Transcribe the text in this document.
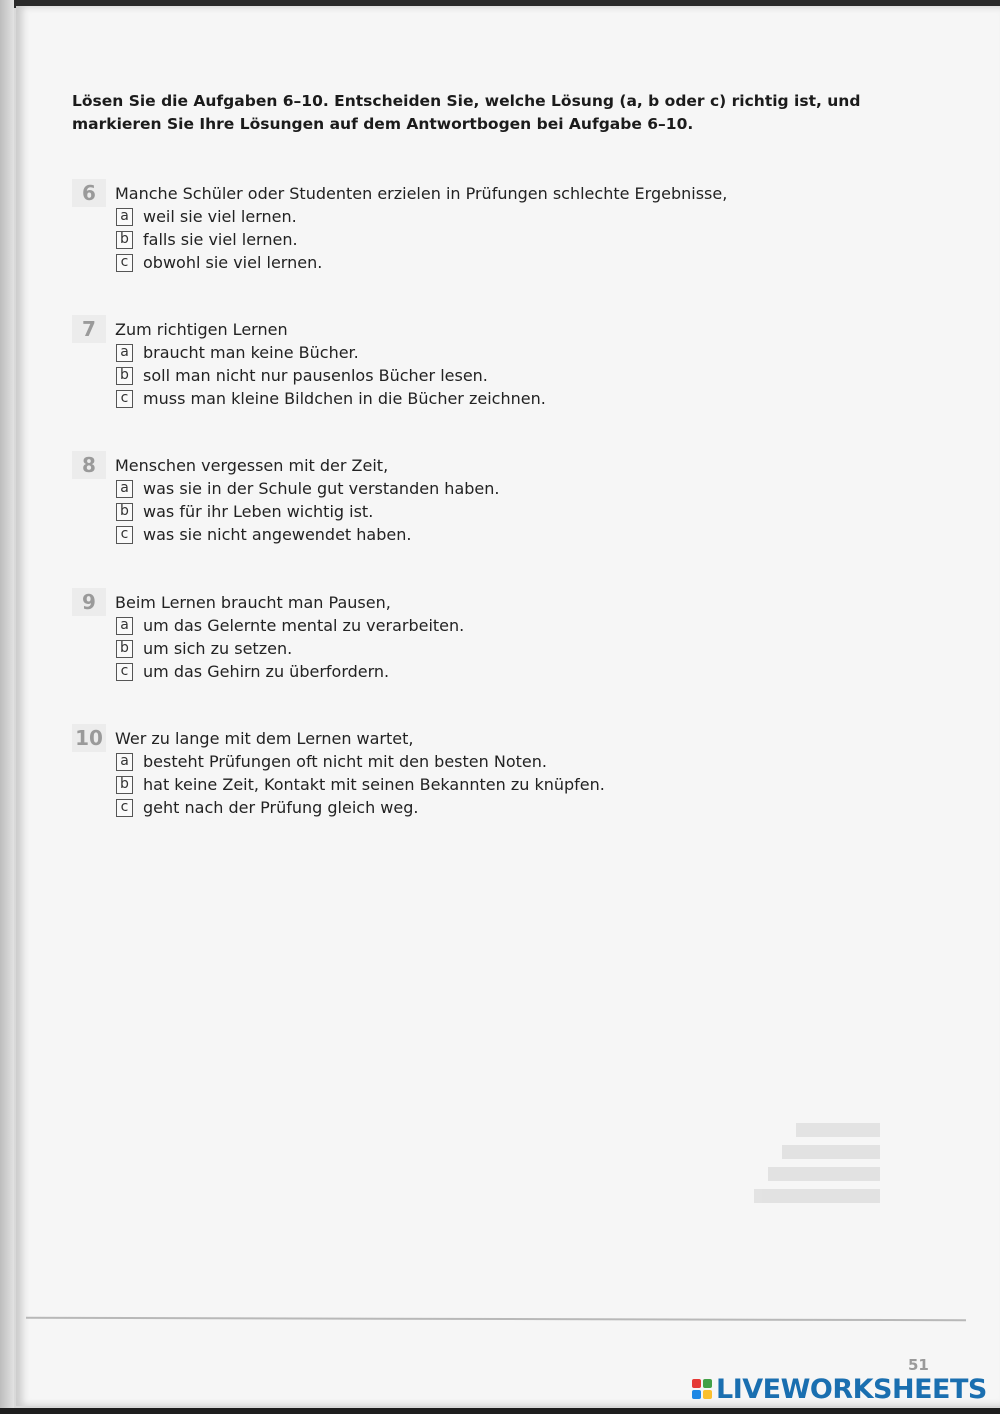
Lösen Sie die Aufgaben 6–10. Entscheiden Sie, welche Lösung (a, b oder c) richtig ist, und markieren Sie Ihre Lösungen auf dem Antwortbogen bei Aufgabe 6–10.
6	Manche Schüler oder Studenten erzielen in Prüfungen schlechte Ergebnisse,
a weil sie viel lernen.
b falls sie viel lernen.
c obwohl sie viel lernen.
7	Zum richtigen Lernen
a braucht man keine Bücher.
b soll man nicht nur pausenlos Bücher lesen.
c muss man kleine Bildchen in die Bücher zeichnen.
8	Menschen vergessen mit der Zeit,
a was sie in der Schule gut verstanden haben.
b was für ihr Leben wichtig ist.
c was sie nicht angewendet haben.
9	Beim Lernen braucht man Pausen,
a um das Gelernte mental zu verarbeiten.
b um sich zu setzen.
c um das Gehirn zu überfordern.
10 Wer zu lange mit dem Lernen wartet,
a besteht Prüfungen oft nicht mit den besten Noten.
b hat keine Zeit, Kontakt mit seinen Bekannten zu knüpfen.
c geht nach der Prüfung gleich weg.
51
LIVEWORKSHEETS
